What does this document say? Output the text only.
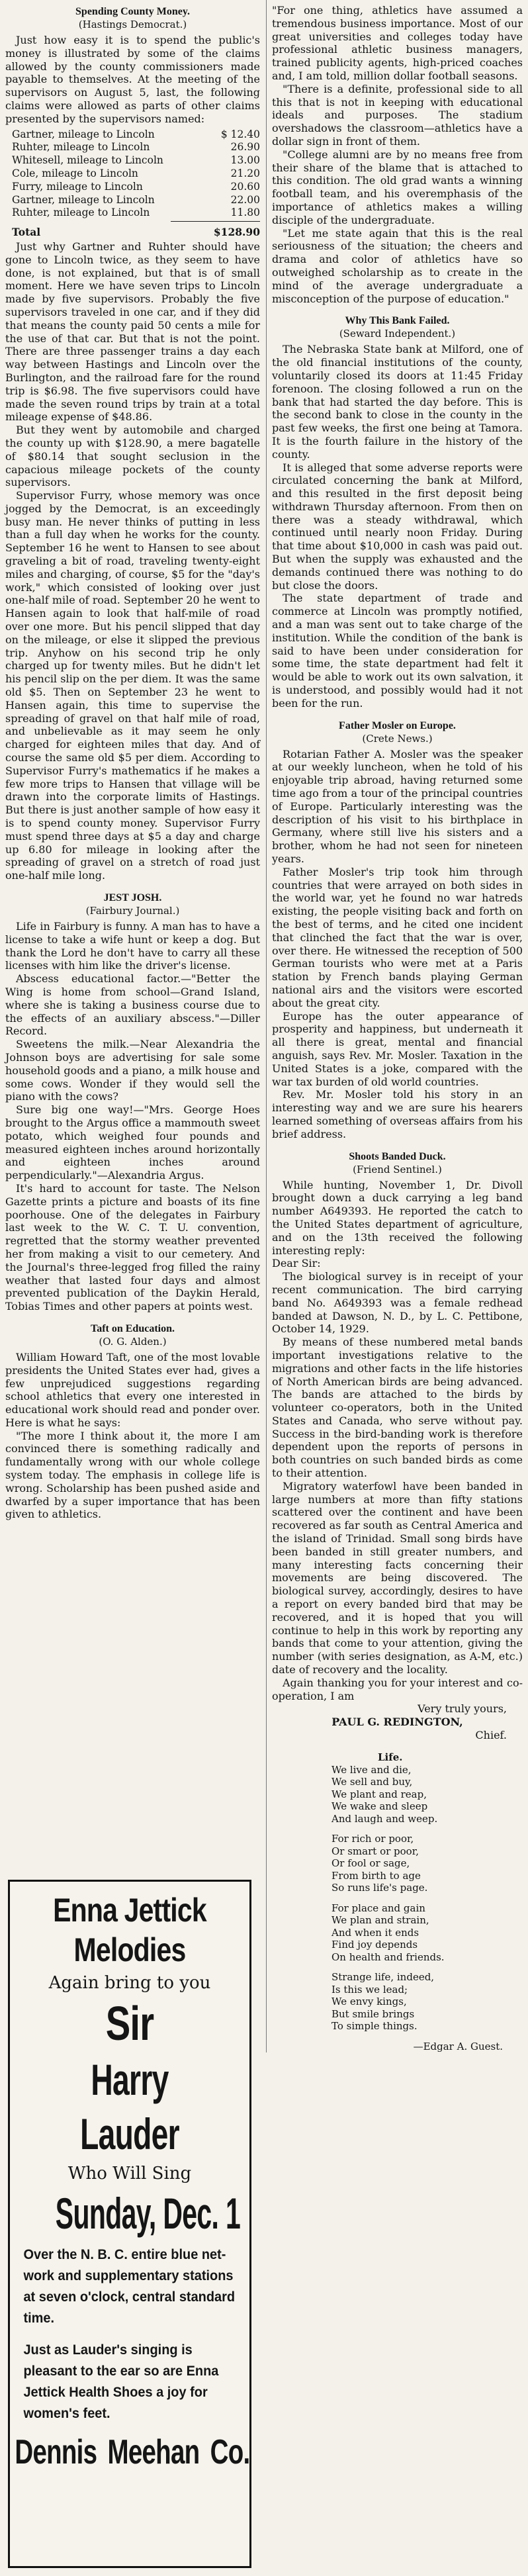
Spending County Money.
(Hastings Democrat.)

Just how easy it is to spend the public's money is illustrated by some of the claims allowed by the county commissioners made payable to themselves. At the meeting of the supervisors on August 5, last, the following claims were allowed as parts of other claims presented by the supervisors named:

Gartner, mileage to Lincoln	$ 12.40
Ruhter, mileage to Lincoln	26.90
Whitesell, mileage to Lincoln	13.00
Cole, mileage to Lincoln	21.20
Furry, mileage to Lincoln	20.60
Gartner, mileage to Lincoln	22.00
Ruhter, mileage to Lincoln	11.80
Total	$128.90

Just why Gartner and Ruhter should have gone to Lincoln twice, as they seem to have done, is not explained, but that is of small moment. Here we have seven trips to Lincoln made by five supervisors. Probably the five supervisors traveled in one car, and if they did that means the county paid 50 cents a mile for the use of that car. But that is not the point. There are three passenger trains a day each way between Hastings and Lincoln over the Burlington, and the railroad fare for the round trip is $6.98. The five supervisors could have made the seven round trips by train at a total mileage expense of $48.86.

But they went by automobile and charged the county up with $128.90, a mere bagatelle of $80.14 that sought seclusion in the capacious mileage pockets of the county supervisors.

Supervisor Furry, whose memory was once jogged by the Democrat, is an exceedingly busy man. He never thinks of putting in less than a full day when he works for the county. September 16 he went to Hansen to see about graveling a bit of road, traveling twenty-eight miles and charging, of course, $5 for the "day's work," which consisted of looking over just one-half mile of road. September 20 he went to Hansen again to look that half-mile of road over one more. But his pencil slipped that day on the mileage, or else it slipped the previous trip. Anyhow on his second trip he only charged up for twenty miles. But he didn't let his pencil slip on the per diem. It was the same old $5. Then on September 23 he went to Hansen again, this time to supervise the spreading of gravel on that half mile of road, and unbelievable as it may seem he only charged for eighteen miles that day. And of course the same old $5 per diem. According to Supervisor Furry's mathematics if he makes a few more trips to Hansen that village will be drawn into the corporate limits of Hastings. But there is just another sample of how easy it is to spend county money. Supervisor Furry must spend three days at $5 a day and charge up 6.80 for mileage in looking after the spreading of gravel on a stretch of road just one-half mile long.

JEST JOSH.
(Fairbury Journal.)

Life in Fairbury is funny. A man has to have a license to take a wife hunt or keep a dog. But thank the Lord he don't have to carry all these licenses with him like the driver's license.

Abscess educational factor.—"Better the Wing is home from school—Grand Island, where she is taking a business course due to the effects of an auxiliary abscess."—Diller Record.

Sweetens the milk.—Near Alexandria the Johnson boys are advertising for sale some household goods and a piano, a milk house and some cows. Wonder if they would sell the piano with the cows?

Sure big one way!—"Mrs. George Hoes brought to the Argus office a mammouth sweet potato, which weighed four pounds and measured eighteen inches around horizontally and eighteen inches around perpendicularly."—Alexandria Argus.

It's hard to account for taste. The Nelson Gazette prints a picture and boasts of its fine poorhouse. One of the delegates in Fairbury last week to the W. C. T. U. convention, regretted that the stormy weather prevented her from making a visit to our cemetery. And the Journal's three-legged frog filled the rainy weather that lasted four days and almost prevented publication of the Daykin Herald, Tobias Times and other papers at points west.

Taft on Education.
(O. G. Alden.)

William Howard Taft, one of the most lovable presidents the United States ever had, gives a few unprejudiced suggestions regarding school athletics that every one interested in educational work should read and ponder over. Here is what he says:

"The more I think about it, the more I am convinced there is something radically and fundamentally wrong with our whole college system today. The emphasis in college life is wrong. Scholarship has been pushed aside and dwarfed by a super importance that has been given to athletics.

Enna Jettick
Melodies
Again bring to you
Sir
Harry Lauder
Who Will Sing
Sunday, Dec. 1
Over the N. B. C. entire blue net-work and supplementary stations at seven o'clock, central standard time.
Just as Lauder's singing is pleasant to the ear so are Enna Jettick Health Shoes a joy for women's feet.
Dennis Meehan Co.

"For one thing, athletics have assumed a tremendous business importance. Most of our great universities and colleges today have professional athletic business managers, trained publicity agents, high-priced coaches and, I am told, million dollar football seasons.

"There is a definite, professional side to all this that is not in keeping with educational ideals and purposes. The stadium overshadows the classroom—athletics have a dollar sign in front of them.

"College alumni are by no means free from their share of the blame that is attached to this condition. The old grad wants a winning football team, and his overemphasis of the importance of athletics makes a willing disciple of the undergraduate.

"Let me state again that this is the real seriousness of the situation; the cheers and drama and color of athletics have so outweighed scholarship as to create in the mind of the average undergraduate a misconception of the purpose of education."

Why This Bank Failed.
(Seward Independent.)

The Nebraska State bank at Milford, one of the old financial institutions of the county, voluntarily closed its doors at 11:45 Friday forenoon. The closing followed a run on the bank that had started the day before. This is the second bank to close in the county in the past few weeks, the first one being at Tamora. It is the fourth failure in the history of the county.

It is alleged that some adverse reports were circulated concerning the bank at Milford, and this resulted in the first deposit being withdrawn Thursday afternoon. From then on there was a steady withdrawal, which continued until nearly noon Friday. During that time about $10,000 in cash was paid out. But when the supply was exhausted and the demands continued there was nothing to do but close the doors.

The state department of trade and commerce at Lincoln was promptly notified, and a man was sent out to take charge of the institution. While the condition of the bank is said to have been under consideration for some time, the state department had felt it would be able to work out its own salvation, it is understood, and possibly would had it not been for the run.

Father Mosler on Europe.
(Crete News.)

Rotarian Father A. Mosler was the speaker at our weekly luncheon, when he told of his enjoyable trip abroad, having returned some time ago from a tour of the principal countries of Europe. Particularly interesting was the description of his visit to his birthplace in Germany, where still live his sisters and a brother, whom he had not seen for nineteen years.

Father Mosler's trip took him through countries that were arrayed on both sides in the world war, yet he found no war hatreds existing, the people visiting back and forth on the best of terms, and he cited one incident that clinched the fact that the war is over, over there. He witnessed the reception of 500 German tourists who were met at a Paris station by French bands playing German national airs and the visitors were escorted about the great city.

Europe has the outer appearance of prosperity and happiness, but underneath it all there is great, mental and financial anguish, says Rev. Mr. Mosler. Taxation in the United States is a joke, compared with the war tax burden of old world countries.

Rev. Mr. Mosler told his story in an interesting way and we are sure his hearers learned something of overseas affairs from his brief address.

Shoots Banded Duck.
(Friend Sentinel.)

While hunting, November 1, Dr. Divoll brought down a duck carrying a leg band number A649393. He reported the catch to the United States department of agriculture, and on the 13th received the following interesting reply:

Dear Sir:

The biological survey is in receipt of your recent communication. The bird carrying band No. A649393 was a female redhead banded at Dawson, N. D., by L. C. Pettibone, October 14, 1929.

By means of these numbered metal bands important investigations relative to the migrations and other facts in the life histories of North American birds are being advanced. The bands are attached to the birds by volunteer co-operators, both in the United States and Canada, who serve without pay. Success in the bird-banding work is therefore dependent upon the reports of persons in both countries on such banded birds as come to their attention.

Migratory waterfowl have been banded in large numbers at more than fifty stations scattered over the continent and have been recovered as far south as Central America and the island of Trinidad. Small song birds have been banded in still greater numbers, and many interesting facts concerning their movements are being discovered. The biological survey, accordingly, desires to have a report on every banded bird that may be recovered, and it is hoped that you will continue to help in this work by reporting any bands that come to your attention, giving the number (with series designation, as A-M, etc.) date of recovery and the locality.

Again thanking you for your interest and co-operation, I am

Very truly yours,
PAUL G. REDINGTON,
Chief.
Life.
We live and die,
We sell and buy,
We plant and reap,
We wake and sleep
And laugh and weep.
For rich or poor,
Or smart or poor,
Or fool or sage,
From birth to age
So runs life's page.
For place and gain
We plan and strain,
And when it ends
Find joy depends
On health and friends.
Strange life, indeed,
Is this we lead;
We envy kings,
But smile brings
To simple things.
—Edgar A. Guest.
